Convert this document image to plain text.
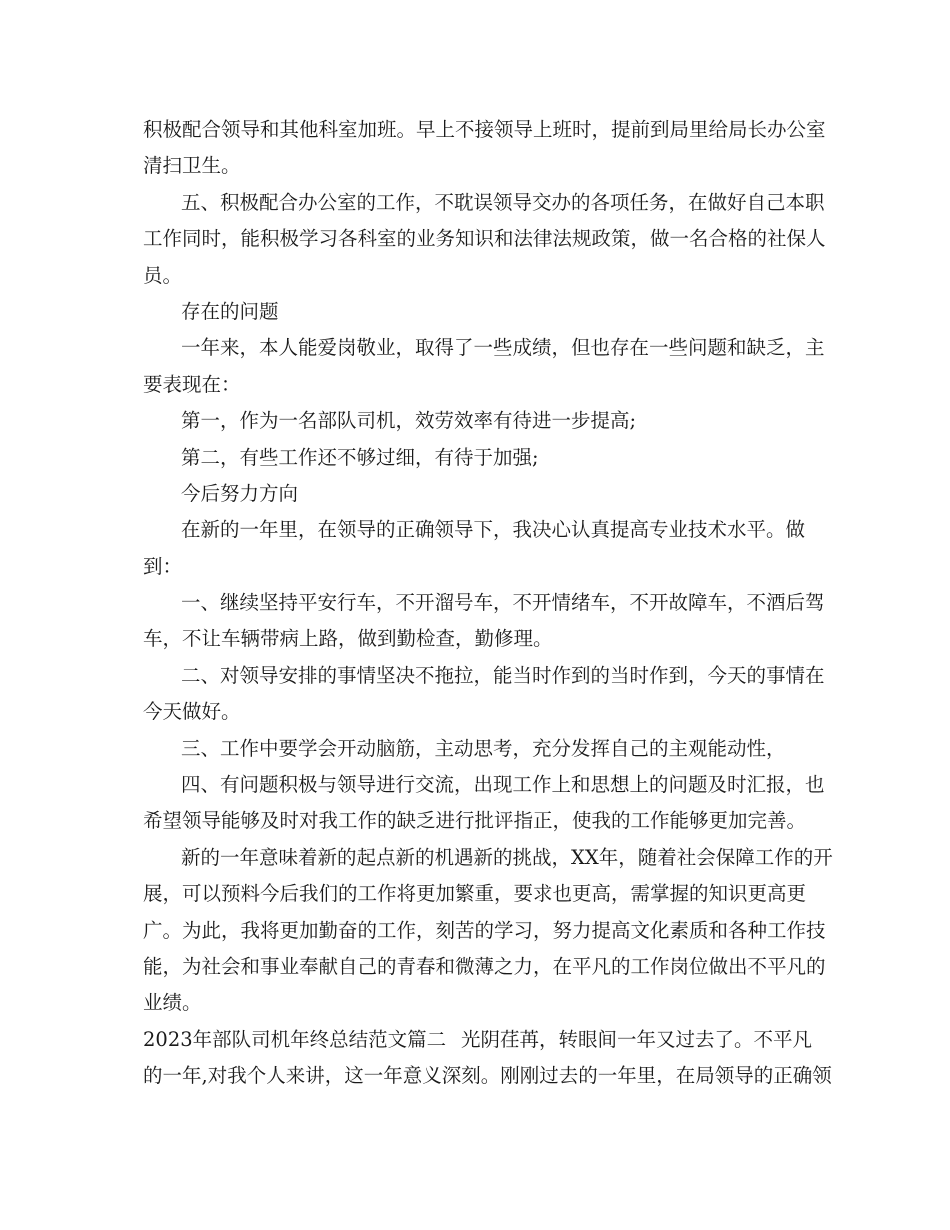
积极配合领导和其他科室加班。早上不接领导上班时，提前到局里给局长办公室
清扫卫生。
五、积极配合办公室的工作，不耽误领导交办的各项任务，在做好自己本职
工作同时，能积极学习各科室的业务知识和法律法规政策，做一名合格的社保人
员。
存在的问题
一年来，本人能爱岗敬业，取得了一些成绩，但也存在一些问题和缺乏，主
要表现在：
第一，作为一名部队司机，效劳效率有待进一步提高;
第二，有些工作还不够过细，有待于加强;
今后努力方向
在新的一年里，在领导的正确领导下，我决心认真提高专业技术水平。做
到：
一、继续坚持平安行车，不开溜号车，不开情绪车，不开故障车，不酒后驾
车，不让车辆带病上路，做到勤检查，勤修理。
二、对领导安排的事情坚决不拖拉，能当时作到的当时作到，今天的事情在
今天做好。
三、工作中要学会开动脑筋，主动思考，充分发挥自己的主观能动性，
四、有问题积极与领导进行交流，出现工作上和思想上的问题及时汇报，也
希望领导能够及时对我工作的缺乏进行批评指正，使我的工作能够更加完善。
新的一年意味着新的起点新的机遇新的挑战，XX年，随着社会保障工作的开
展，可以预料今后我们的工作将更加繁重，要求也更高，需掌握的知识更高更
广。为此，我将更加勤奋的工作，刻苦的学习，努力提高文化素质和各种工作技
能，为社会和事业奉献自己的青春和微薄之力，在平凡的工作岗位做出不平凡的
业绩。
2023年部队司机年终总结范文篇二 光阴荏苒，转眼间一年又过去了。不平凡
的一年,对我个人来讲，这一年意义深刻。刚刚过去的一年里，在局领导的正确领
